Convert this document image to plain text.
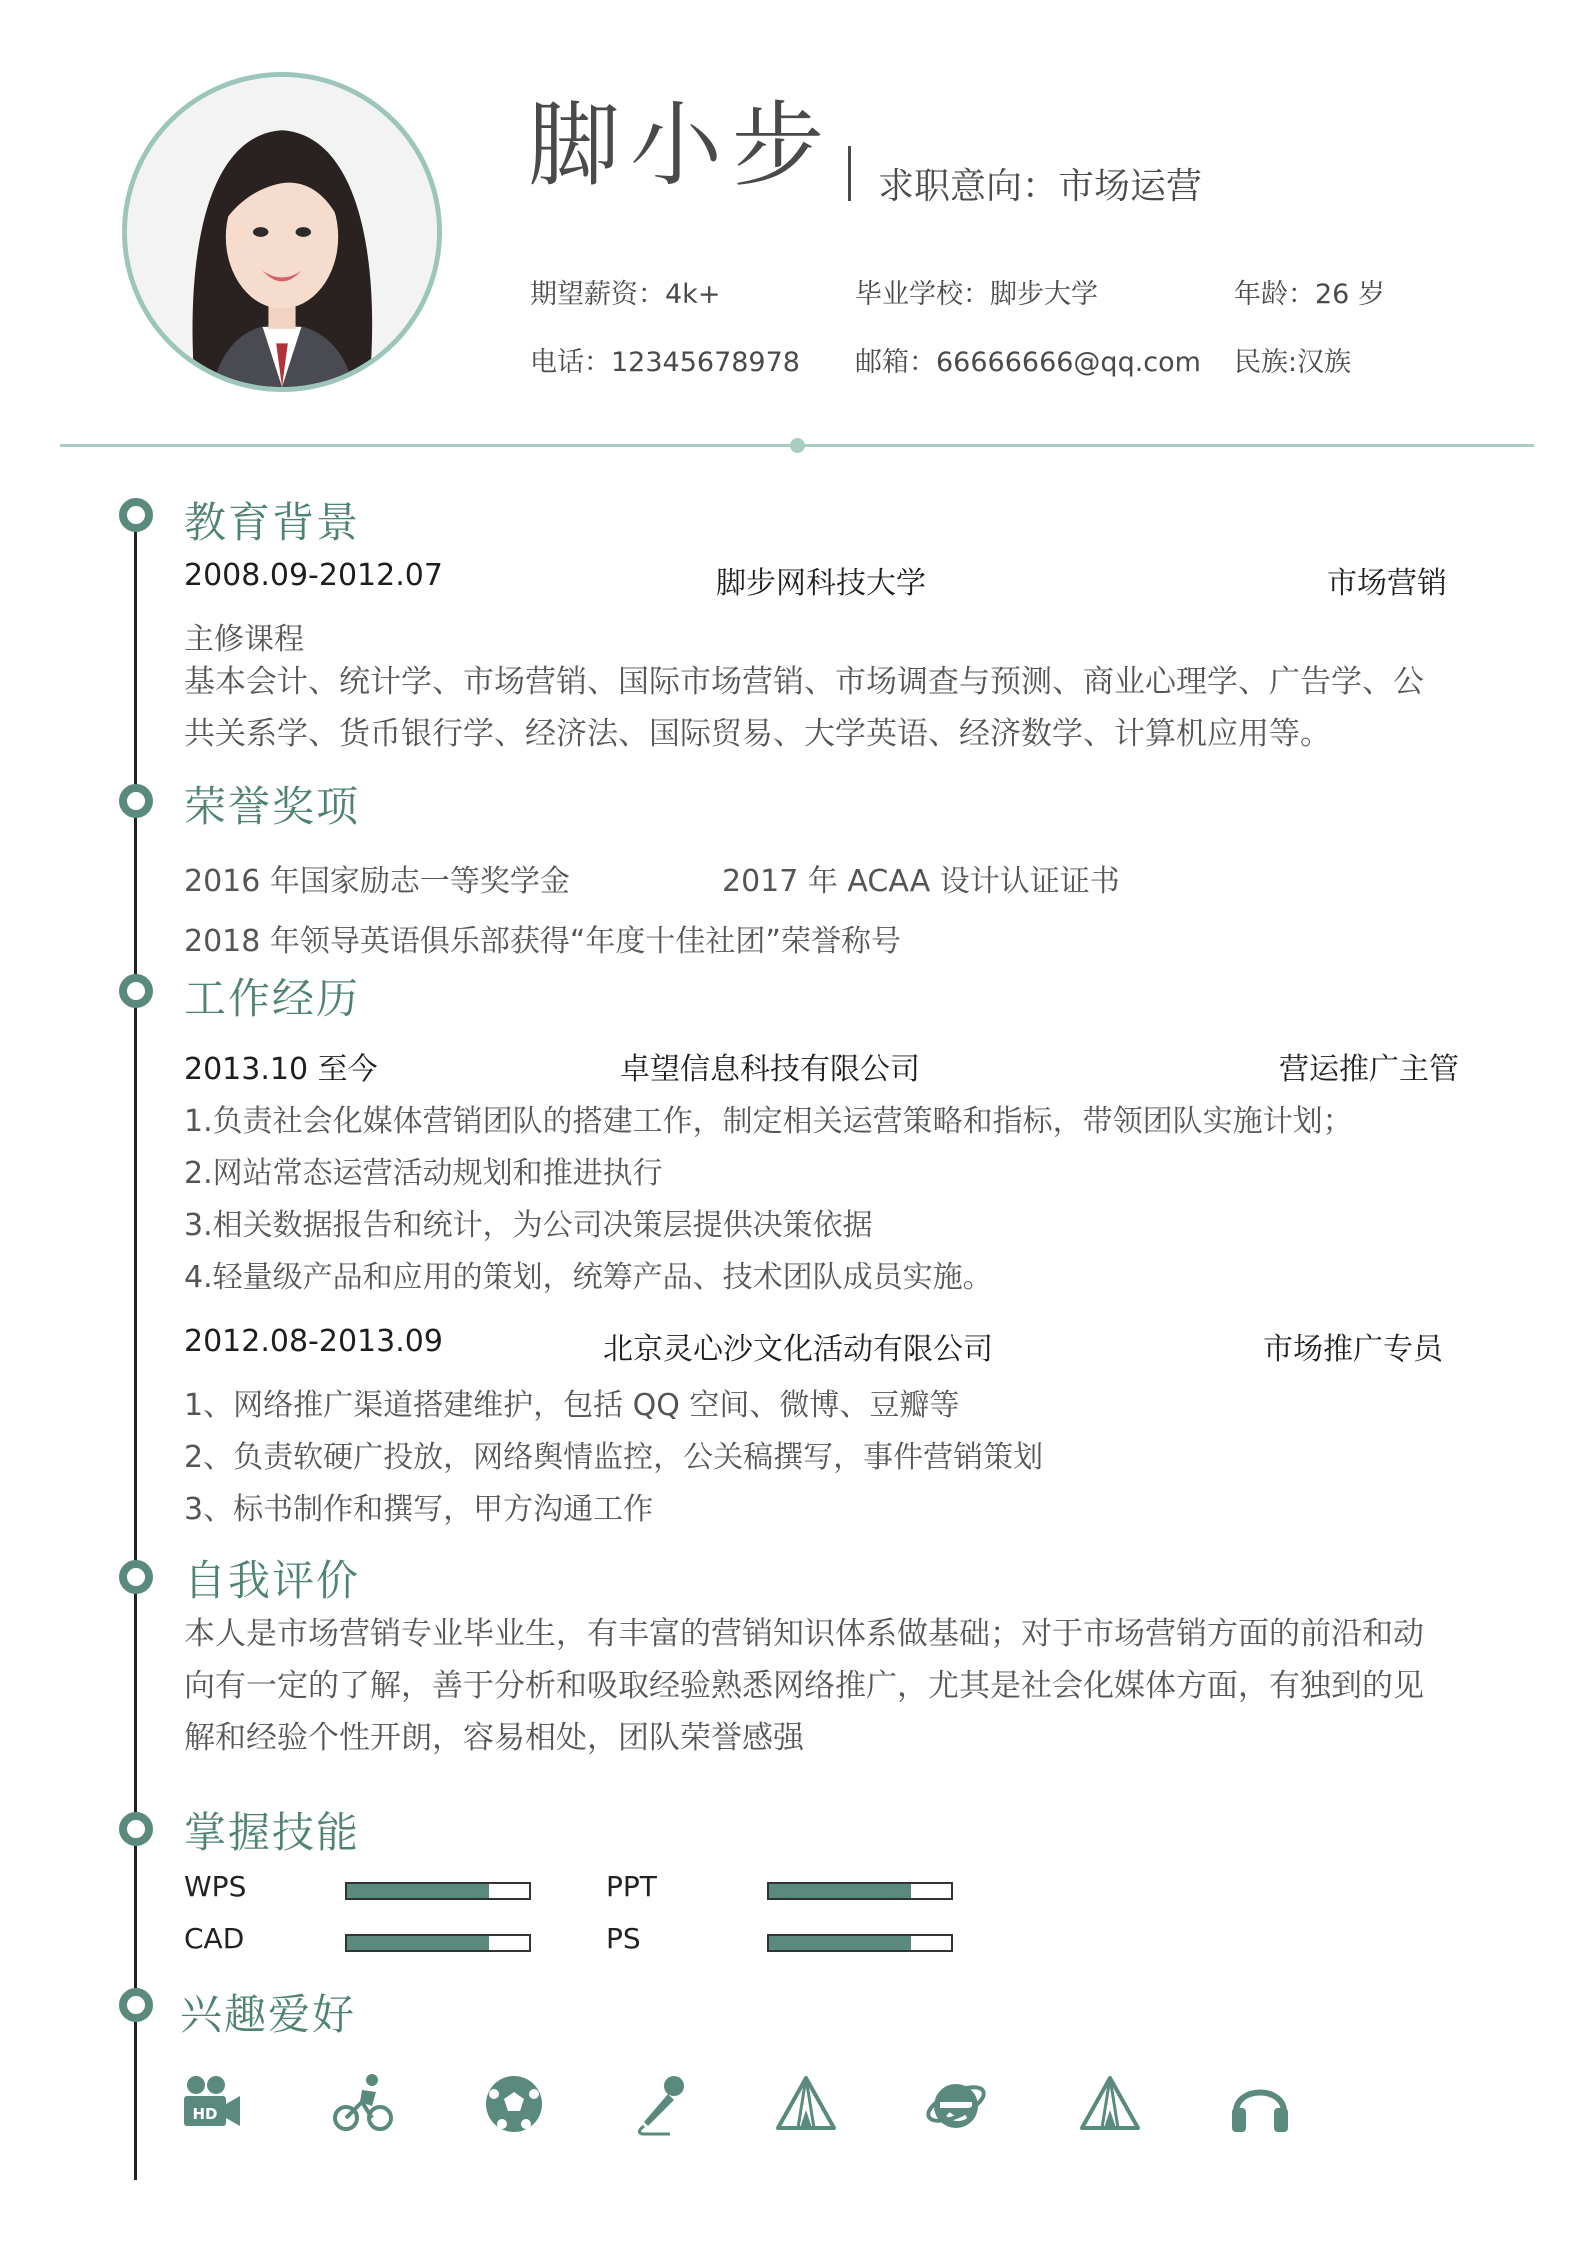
脚小步 求职意向：市场运营
期望薪资：4k+	毕业学校：脚步大学	年龄：26 岁
电话：12345678978 邮箱：66666666@qq.com 民族:汉族
教育背景
2008.09-2012.07	脚步网科技大学	市场营销
主修课程
基本会计、统计学、市场营销、国际市场营销、市场调查与预测、商业心理学、广告学、公
共关系学、货币银行学、经济法、国际贸易、大学英语、经济数学、计算机应用等。
荣誉奖项
2016 年国家励志一等奖学金	2017 年 ACAA 设计认证证书
2018 年领导英语俱乐部获得“年度十佳社团”荣誉称号
工作经历
2013.10 至今	卓望信息科技有限公司	营运推广主管
1.负责社会化媒体营销团队的搭建工作，制定相关运营策略和指标，带领团队实施计划；
2.网站常态运营活动规划和推进执行
3.相关数据报告和统计，为公司决策层提供决策依据
4.轻量级产品和应用的策划，统筹产品、技术团队成员实施。
2012.08-2013.09	北京灵心沙文化活动有限公司	市场推广专员
1、网络推广渠道搭建维护，包括 QQ 空间、微博、豆瓣等
2、负责软硬广投放，网络舆情监控，公关稿撰写，事件营销策划
3、标书制作和撰写，甲方沟通工作
自我评价
本人是市场营销专业毕业生，有丰富的营销知识体系做基础；对于市场营销方面的前沿和动
向有一定的了解，善于分析和吸取经验熟悉网络推广，尤其是社会化媒体方面，有独到的见
解和经验个性开朗，容易相处，团队荣誉感强
掌握技能
WPS	PPT
CAD	PS
兴趣爱好
HD
